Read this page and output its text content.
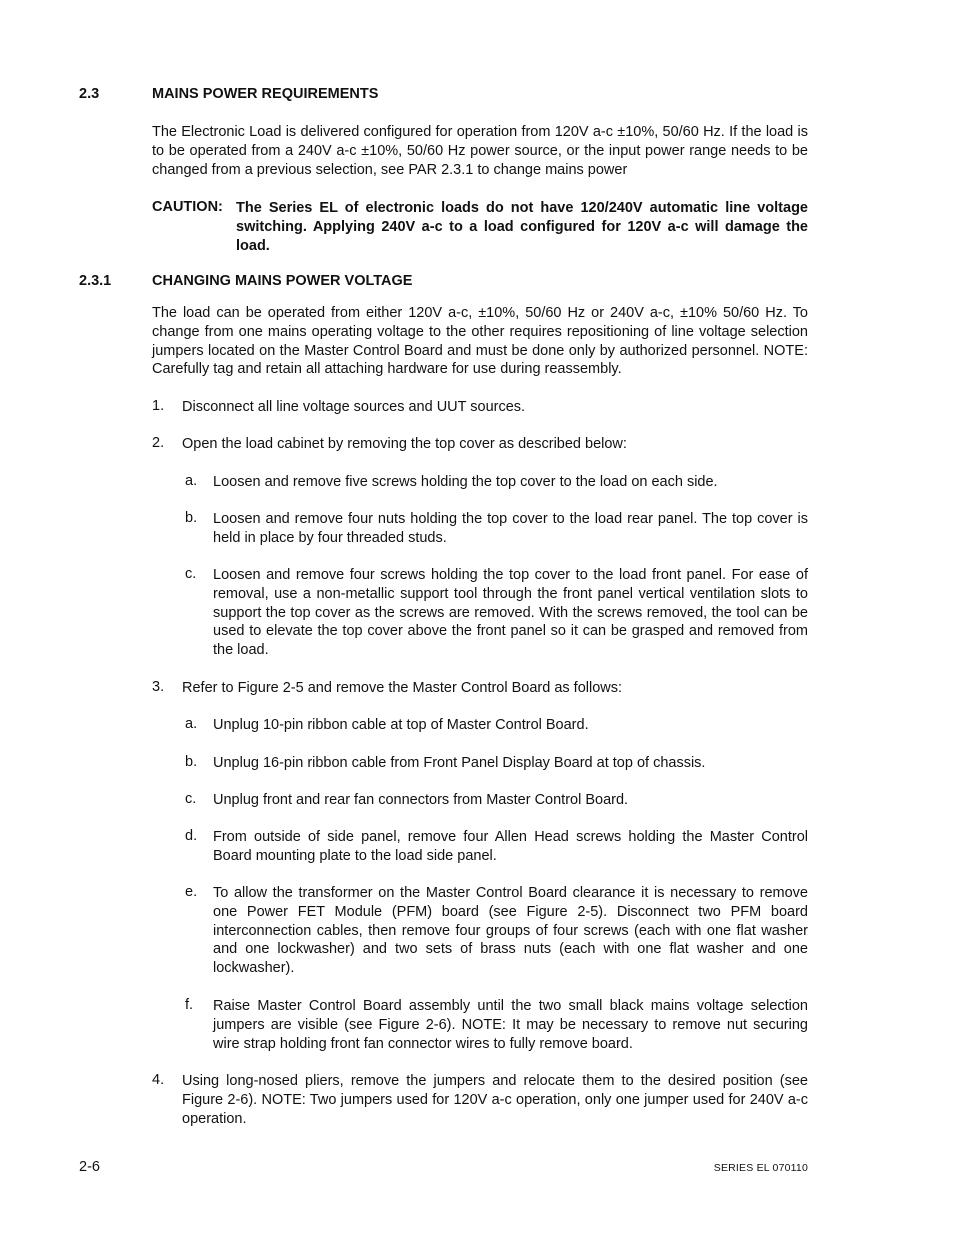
2.3	MAINS POWER REQUIREMENTS
The Electronic Load is delivered configured for operation from 120V a-c ±10%, 50/60 Hz. If the load is to be operated from a 240V a-c ±10%, 50/60 Hz power source, or the input power range needs to be changed from a previous selection, see PAR 2.3.1 to change mains power
CAUTION: The Series EL of electronic loads do not have 120/240V automatic line voltage switching. Applying 240V a-c to a load configured for 120V a-c will damage the load.
2.3.1	CHANGING MAINS POWER VOLTAGE
The load can be operated from either 120V a-c, ±10%, 50/60 Hz or 240V a-c, ±10% 50/60 Hz. To change from one mains operating voltage to the other requires repositioning of line voltage selection jumpers located on the Master Control Board and must be done only by authorized personnel. NOTE: Carefully tag and retain all attaching hardware for use during reassembly.
1. Disconnect all line voltage sources and UUT sources.
2. Open the load cabinet by removing the top cover as described below:
a. Loosen and remove five screws holding the top cover to the load on each side.
b. Loosen and remove four nuts holding the top cover to the load rear panel. The top cover is held in place by four threaded studs.
c. Loosen and remove four screws holding the top cover to the load front panel. For ease of removal, use a non-metallic support tool through the front panel vertical ventilation slots to support the top cover as the screws are removed. With the screws removed, the tool can be used to elevate the top cover above the front panel so it can be grasped and removed from the load.
3. Refer to Figure 2-5 and remove the Master Control Board as follows:
a. Unplug 10-pin ribbon cable at top of Master Control Board.
b. Unplug 16-pin ribbon cable from Front Panel Display Board at top of chassis.
c. Unplug front and rear fan connectors from Master Control Board.
d. From outside of side panel, remove four Allen Head screws holding the Master Control Board mounting plate to the load side panel.
e. To allow the transformer on the Master Control Board clearance it is necessary to remove one Power FET Module (PFM) board (see Figure 2-5). Disconnect two PFM board interconnection cables, then remove four groups of four screws (each with one flat washer and one lockwasher) and two sets of brass nuts (each with one flat washer and one lockwasher).
f. Raise Master Control Board assembly until the two small black mains voltage selection jumpers are visible (see Figure 2-6). NOTE: It may be necessary to remove nut securing wire strap holding front fan connector wires to fully remove board.
4. Using long-nosed pliers, remove the jumpers and relocate them to the desired position (see Figure 2-6). NOTE: Two jumpers used for 120V a-c operation, only one jumper used for 240V a-c operation.
2-6	SERIES EL 070110
